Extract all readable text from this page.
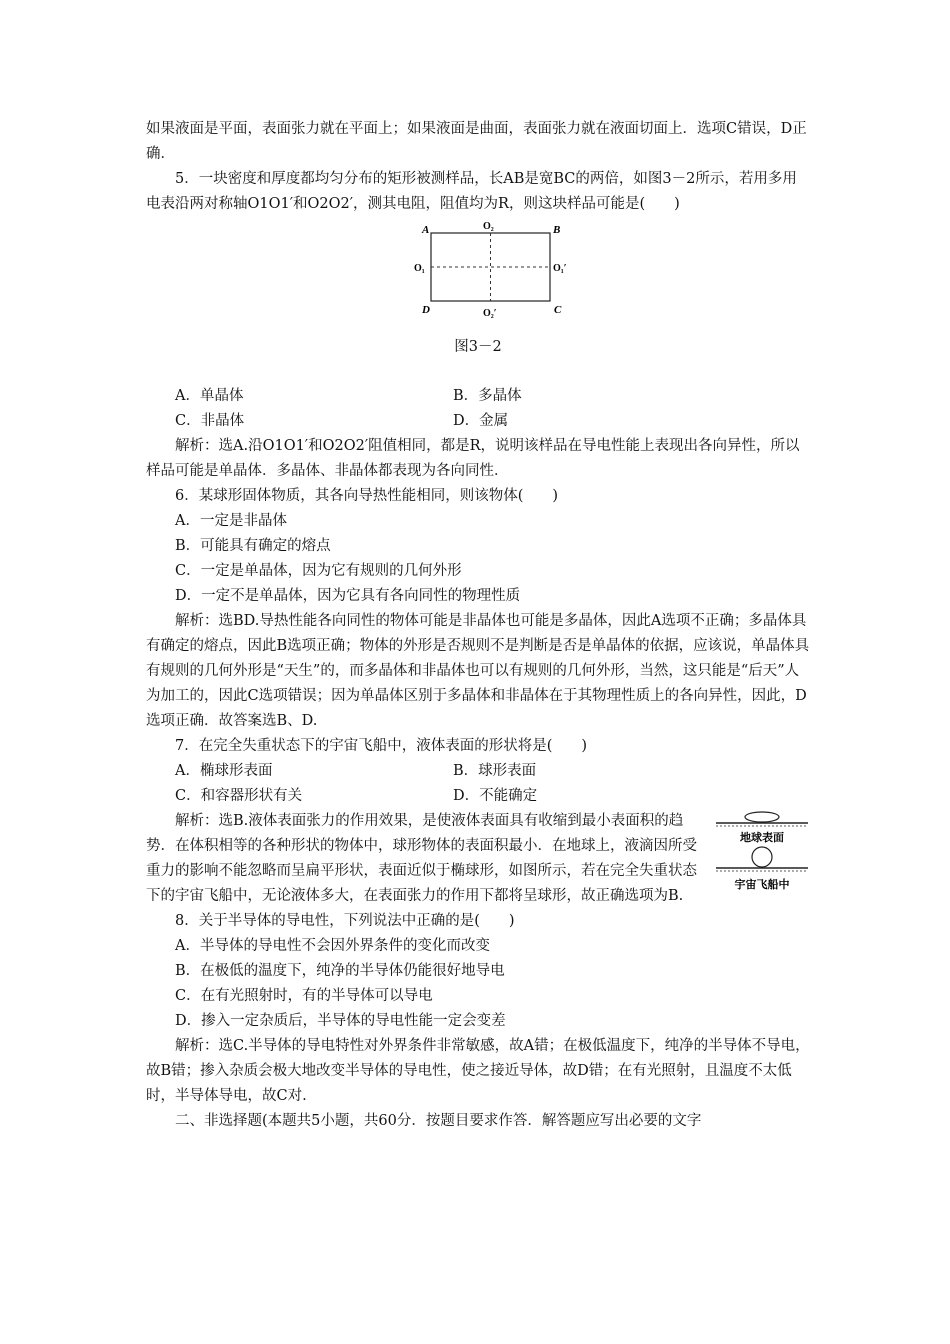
如果液面是平面，表面张力就在平面上；如果液面是曲面，表面张力就在液面切面上．选项C错误，D正确．

5．一块密度和厚度都均匀分布的矩形被测样品，长AB是宽BC的两倍，如图3－2所示，若用多用电表沿两对称轴O1O1′和O2O2′，测其电阻，阻值均为R，则这块样品可能是(　　)

A	B
C
D
O₁	O₁′
O₂
O₂′
图3－2
A．单晶体	B．多晶体
C．非晶体	D．金属

解析：选A.沿O1O1′和O2O2′阻值相同，都是R，说明该样品在导电性能上表现出各向异性，所以样品可能是单晶体．多晶体、非晶体都表现为各向同性．

6．某球形固体物质，其各向导热性能相同，则该物体(　　)

A．一定是非晶体
B．可能具有确定的熔点
C．一定是单晶体，因为它有规则的几何外形
D．一定不是单晶体，因为它具有各向同性的物理性质

解析：选BD.导热性能各向同性的物体可能是非晶体也可能是多晶体，因此A选项不正确；多晶体具有确定的熔点，因此B选项正确；物体的外形是否规则不是判断是否是单晶体的依据，应该说，单晶体具有规则的几何外形是“天生”的，而多晶体和非晶体也可以有规则的几何外形，当然，这只能是“后天”人为加工的，因此C选项错误；因为单晶体区别于多晶体和非晶体在于其物理性质上的各向异性，因此，D选项正确．故答案选B、D.

7．在完全失重状态下的宇宙飞船中，液体表面的形状将是(　　)

A．椭球形表面	B．球形表面
C．和容器形状有关	D．不能确定

解析：选B.液体表面张力的作用效果，是使液体表面具有收缩到最小表面积的趋势．在体积相等的各种形状的物体中，球形物体的表面积最小．在地球上，液滴因所受重力的影响不能忽略而呈扁平形状，表面近似于椭球形，如图所示，若在完全失重状态下的宇宙飞船中，无论液体多大，在表面张力的作用下都将呈球形，故正确选项为B.

地球表面
宇宙飞船中

8．关于半导体的导电性，下列说法中正确的是(　　)

A．半导体的导电性不会因外界条件的变化而改变
B．在极低的温度下，纯净的半导体仍能很好地导电
C．在有光照射时，有的半导体可以导电
D．掺入一定杂质后，半导体的导电性能一定会变差

解析：选C.半导体的导电特性对外界条件非常敏感，故A错；在极低温度下，纯净的半导体不导电，故B错；掺入杂质会极大地改变半导体的导电性，使之接近导体，故D错；在有光照射，且温度不太低时，半导体导电，故C对.

二、非选择题(本题共5小题，共60分．按题目要求作答．解答题应写出必要的文字
